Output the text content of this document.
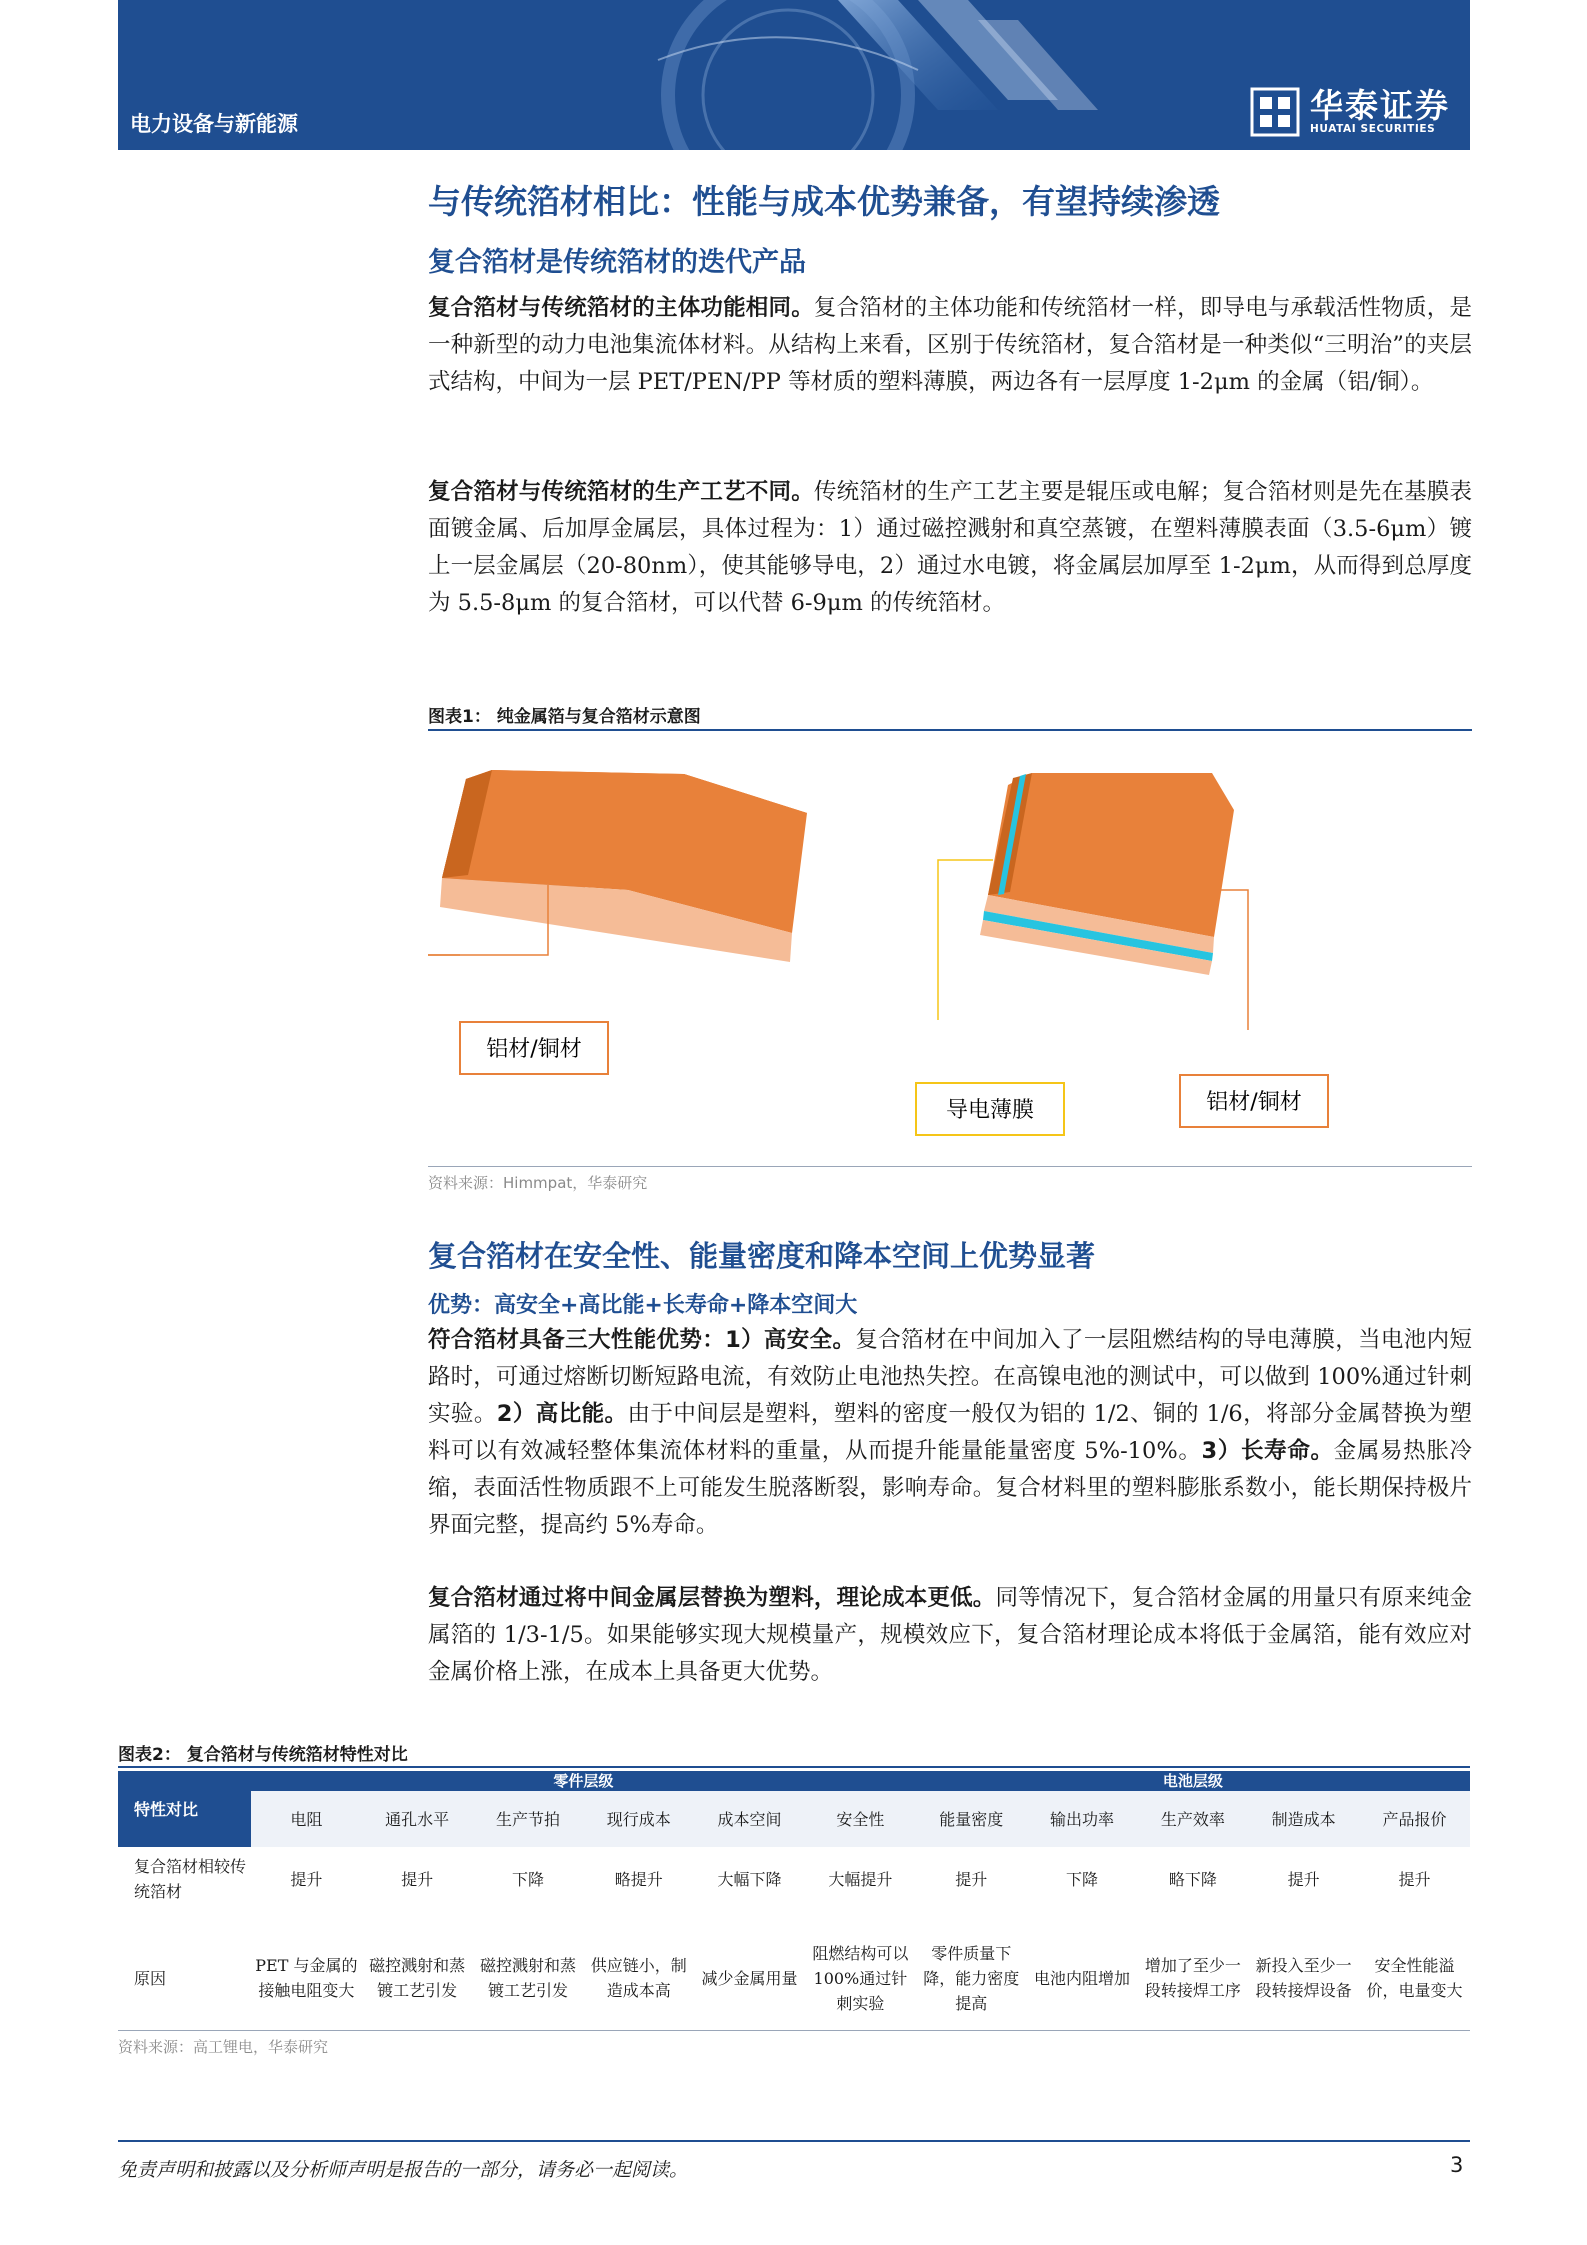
电力设备与新能源	华泰证券
HUATAI SECURITIES
与传统箔材相比：性能与成本优势兼备，有望持续渗透
复合箔材是传统箔材的迭代产品
复合箔材与传统箔材的主体功能相同。复合箔材的主体功能和传统箔材一样，即导电与承载活性物质，是一种新型的动力电池集流体材料。从结构上来看，区别于传统箔材，复合箔材是一种类似“三明治”的夹层式结构，中间为一层 PET/PEN/PP 等材质的塑料薄膜，两边各有一层厚度 1-2μm 的金属（铝/铜）。
复合箔材与传统箔材的生产工艺不同。传统箔材的生产工艺主要是辊压或电解；复合箔材则是先在基膜表面镀金属、后加厚金属层，具体过程为：1）通过磁控溅射和真空蒸镀，在塑料薄膜表面（3.5-6μm）镀上一层金属层（20-80nm），使其能够导电，2）通过水电镀，将金属层加厚至 1-2μm，从而得到总厚度为 5.5-8μm 的复合箔材，可以代替 6-9μm 的传统箔材。
图表1： 纯金属箔与复合箔材示意图
铝材/铜材
导电薄膜	铝材/铜材
资料来源：Himmpat，华泰研究
复合箔材在安全性、能量密度和降本空间上优势显著
优势：高安全+高比能+长寿命+降本空间大
符合箔材具备三大性能优势：1）高安全。复合箔材在中间加入了一层阻燃结构的导电薄膜，当电池内短路时，可通过熔断切断短路电流，有效防止电池热失控。在高镍电池的测试中，可以做到 100%通过针刺实验。2）高比能。由于中间层是塑料，塑料的密度一般仅为铝的 1/2、铜的 1/6，将部分金属替换为塑料可以有效减轻整体集流体材料的重量，从而提升能量能量密度 5%-10%。3）长寿命。金属易热胀冷缩，表面活性物质跟不上可能发生脱落断裂，影响寿命。复合材料里的塑料膨胀系数小，能长期保持极片界面完整，提高约 5%寿命。
复合箔材通过将中间金属层替换为塑料，理论成本更低。同等情况下，复合箔材金属的用量只有原来纯金属箔的 1/3-1/5。如果能够实现大规模量产，规模效应下，复合箔材理论成本将低于金属箔，能有效应对金属价格上涨，在成本上具备更大优势。
图表2： 复合箔材与传统箔材特性对比
特性对比	零件层级						电池层级				
	电阻	通孔水平	生产节拍	现行成本	成本空间	安全性	能量密度	输出功率	生产效率	制造成本	产品报价
复合箔材相较传统箔材	提升	提升	下降	略提升	大幅下降	大幅提升	提升	下降	略下降	提升	提升
原因	PET 与金属的接触电阻变大	磁控溅射和蒸镀工艺引发	磁控溅射和蒸镀工艺引发	供应链小，制造成本高	减少金属用量	阻燃结构可以 100%通过针刺实验	零件质量下降，能力密度提高	电池内阻增加	增加了至少一段转接焊工序	新投入至少一段转接焊设备	安全性能溢价，电量变大
资料来源：高工锂电，华泰研究
免责声明和披露以及分析师声明是报告的一部分，请务必一起阅读。	3
